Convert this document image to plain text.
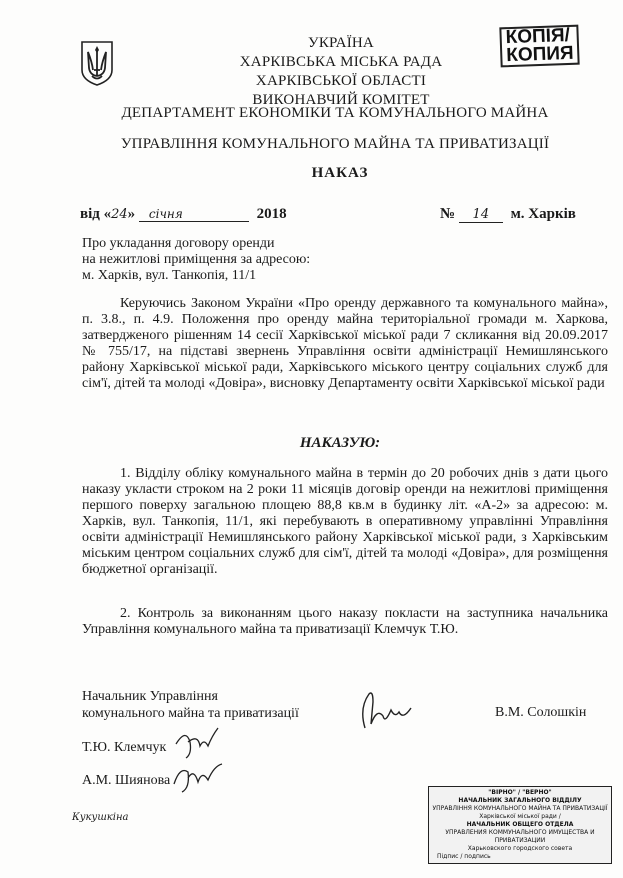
КОПІЯ/
КОПИЯ
УКРАЇНА
ХАРКІВСЬКА МІСЬКА РАДА
ХАРКІВСЬКОЇ ОБЛАСТІ
ВИКОНАВЧИЙ КОМІТЕТ
ДЕПАРТАМЕНТ ЕКОНОМІКИ ТА КОМУНАЛЬНОГО МАЙНА
УПРАВЛІННЯ КОМУНАЛЬНОГО МАЙНА ТА ПРИВАТИЗАЦІЇ
НАКАЗ
від «24» січня	2018	№ 14 м. Харків
Про укладання договору оренди
на нежитлові приміщення за адресою:
м. Харків, вул. Танкопія, 11/1
Керуючись Законом України «Про оренду державного та комунального майна», п. 3.8., п. 4.9. Положення про оренду майна територіальної громади м. Харкова, затвердженого рішенням 14 сесії Харківської міської ради 7 скликання від 20.09.2017 № 755/17, на підставі звернень Управління освіти адміністрації Немишлянського району Харківської міської ради, Харківського міського центру соціальних служб для сім'ї, дітей та молоді «Довіра», висновку Департаменту освіти Харківської міської ради
НАКАЗУЮ:
1. Відділу обліку комунального майна в термін до 20 робочих днів з дати цього наказу укласти строком на 2 роки 11 місяців договір оренди на нежитлові приміщення першого поверху загальною площею 88,8 кв.м в будинку літ. «А-2» за адресою: м. Харків, вул. Танкопія, 11/1, які перебувають в оперативному управлінні Управління освіти адміністрації Немишлянського району Харківської міської ради, з Харківським міським центром соціальних служб для сім'ї, дітей та молоді «Довіра», для розміщення бюджетної організації.
2. Контроль за виконанням цього наказу покласти на заступника начальника Управління комунального майна та приватизації Клемчук Т.Ю.
Начальник Управління
комунального майна та приватизації	В.М. Солошкін
Т.Ю. Клемчук
А.М. Шиянова
Кукушкіна
"ВІРНО" / "ВЕРНО"
НАЧАЛЬНИК ЗАГАЛЬНОГО ВІДДІЛУ
УПРАВЛІННЯ КОМУНАЛЬНОГО МАЙНА ТА ПРИВАТИЗАЦІЇ
Харківської міської ради /
НАЧАЛЬНИК ОБЩЕГО ОТДЕЛА
УПРАВЛЕНИЯ КОММУНАЛЬНОГО ИМУЩЕСТВА И ПРИВАТИЗАЦИИ
Харьковского городского совета
Підпис / подпись
